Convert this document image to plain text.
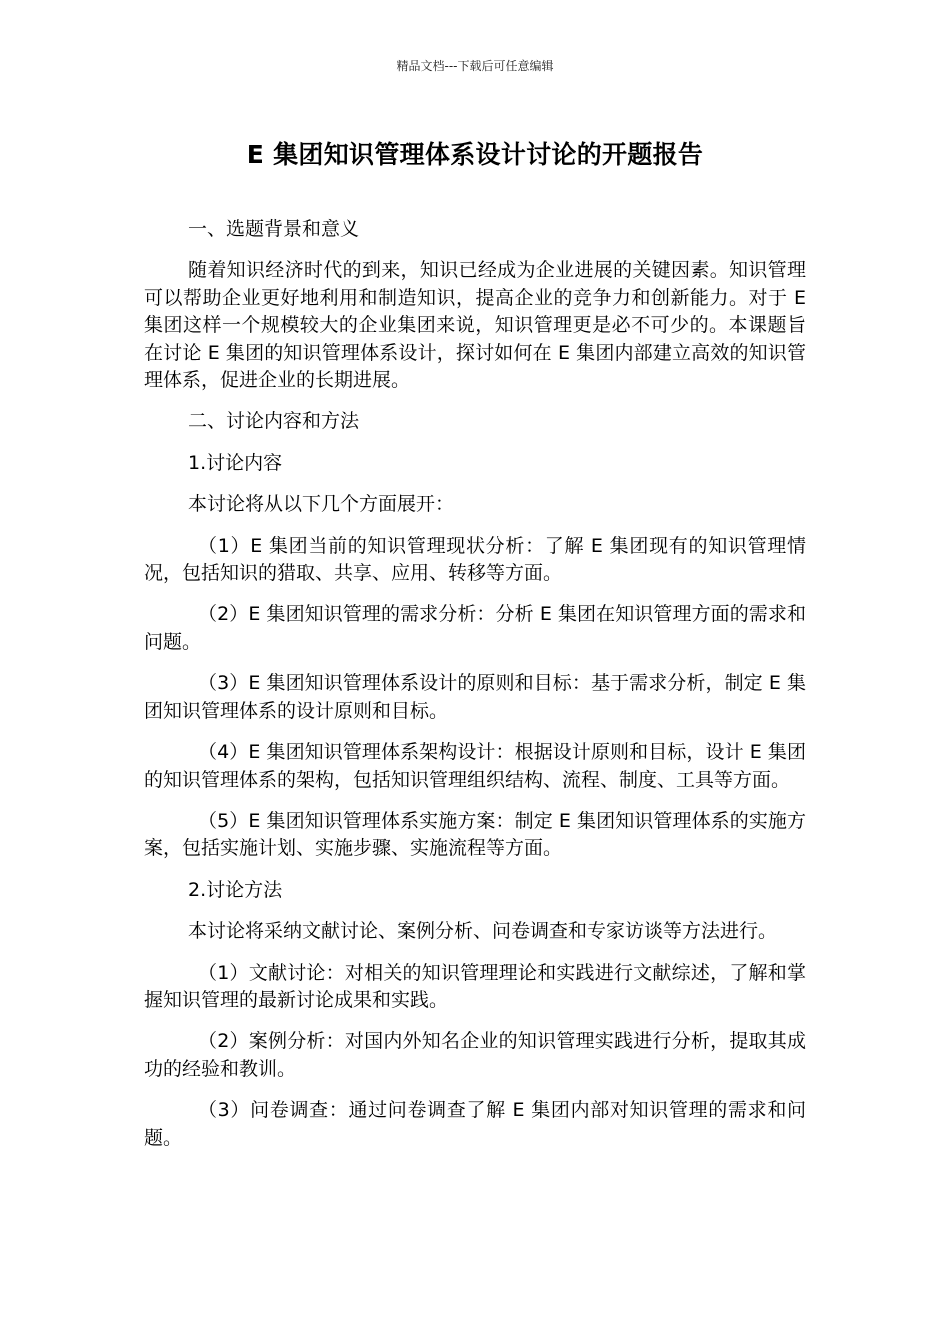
精品文档---下载后可任意编辑
E 集团知识管理体系设计讨论的开题报告

一、选题背景和意义

随着知识经济时代的到来，知识已经成为企业进展的关键因素。知识管理可以帮助企业更好地利用和制造知识，提高企业的竞争力和创新能力。对于 E 集团这样一个规模较大的企业集团来说，知识管理更是必不可少的。本课题旨在讨论 E 集团的知识管理体系设计，探讨如何在 E 集团内部建立高效的知识管理体系，促进企业的长期进展。

二、讨论内容和方法

1.讨论内容

本讨论将从以下几个方面展开：

（1）E 集团当前的知识管理现状分析：了解 E 集团现有的知识管理情况，包括知识的猎取、共享、应用、转移等方面。

（2）E 集团知识管理的需求分析：分析 E 集团在知识管理方面的需求和问题。

（3）E 集团知识管理体系设计的原则和目标：基于需求分析，制定 E 集团知识管理体系的设计原则和目标。

（4）E 集团知识管理体系架构设计：根据设计原则和目标，设计 E 集团的知识管理体系的架构，包括知识管理组织结构、流程、制度、工具等方面。

（5）E 集团知识管理体系实施方案：制定 E 集团知识管理体系的实施方案，包括实施计划、实施步骤、实施流程等方面。

2.讨论方法

本讨论将采纳文献讨论、案例分析、问卷调查和专家访谈等方法进行。

（1）文献讨论：对相关的知识管理理论和实践进行文献综述，了解和掌握知识管理的最新讨论成果和实践。

（2）案例分析：对国内外知名企业的知识管理实践进行分析，提取其成功的经验和教训。

（3）问卷调查：通过问卷调查了解 E 集团内部对知识管理的需求和问题。
